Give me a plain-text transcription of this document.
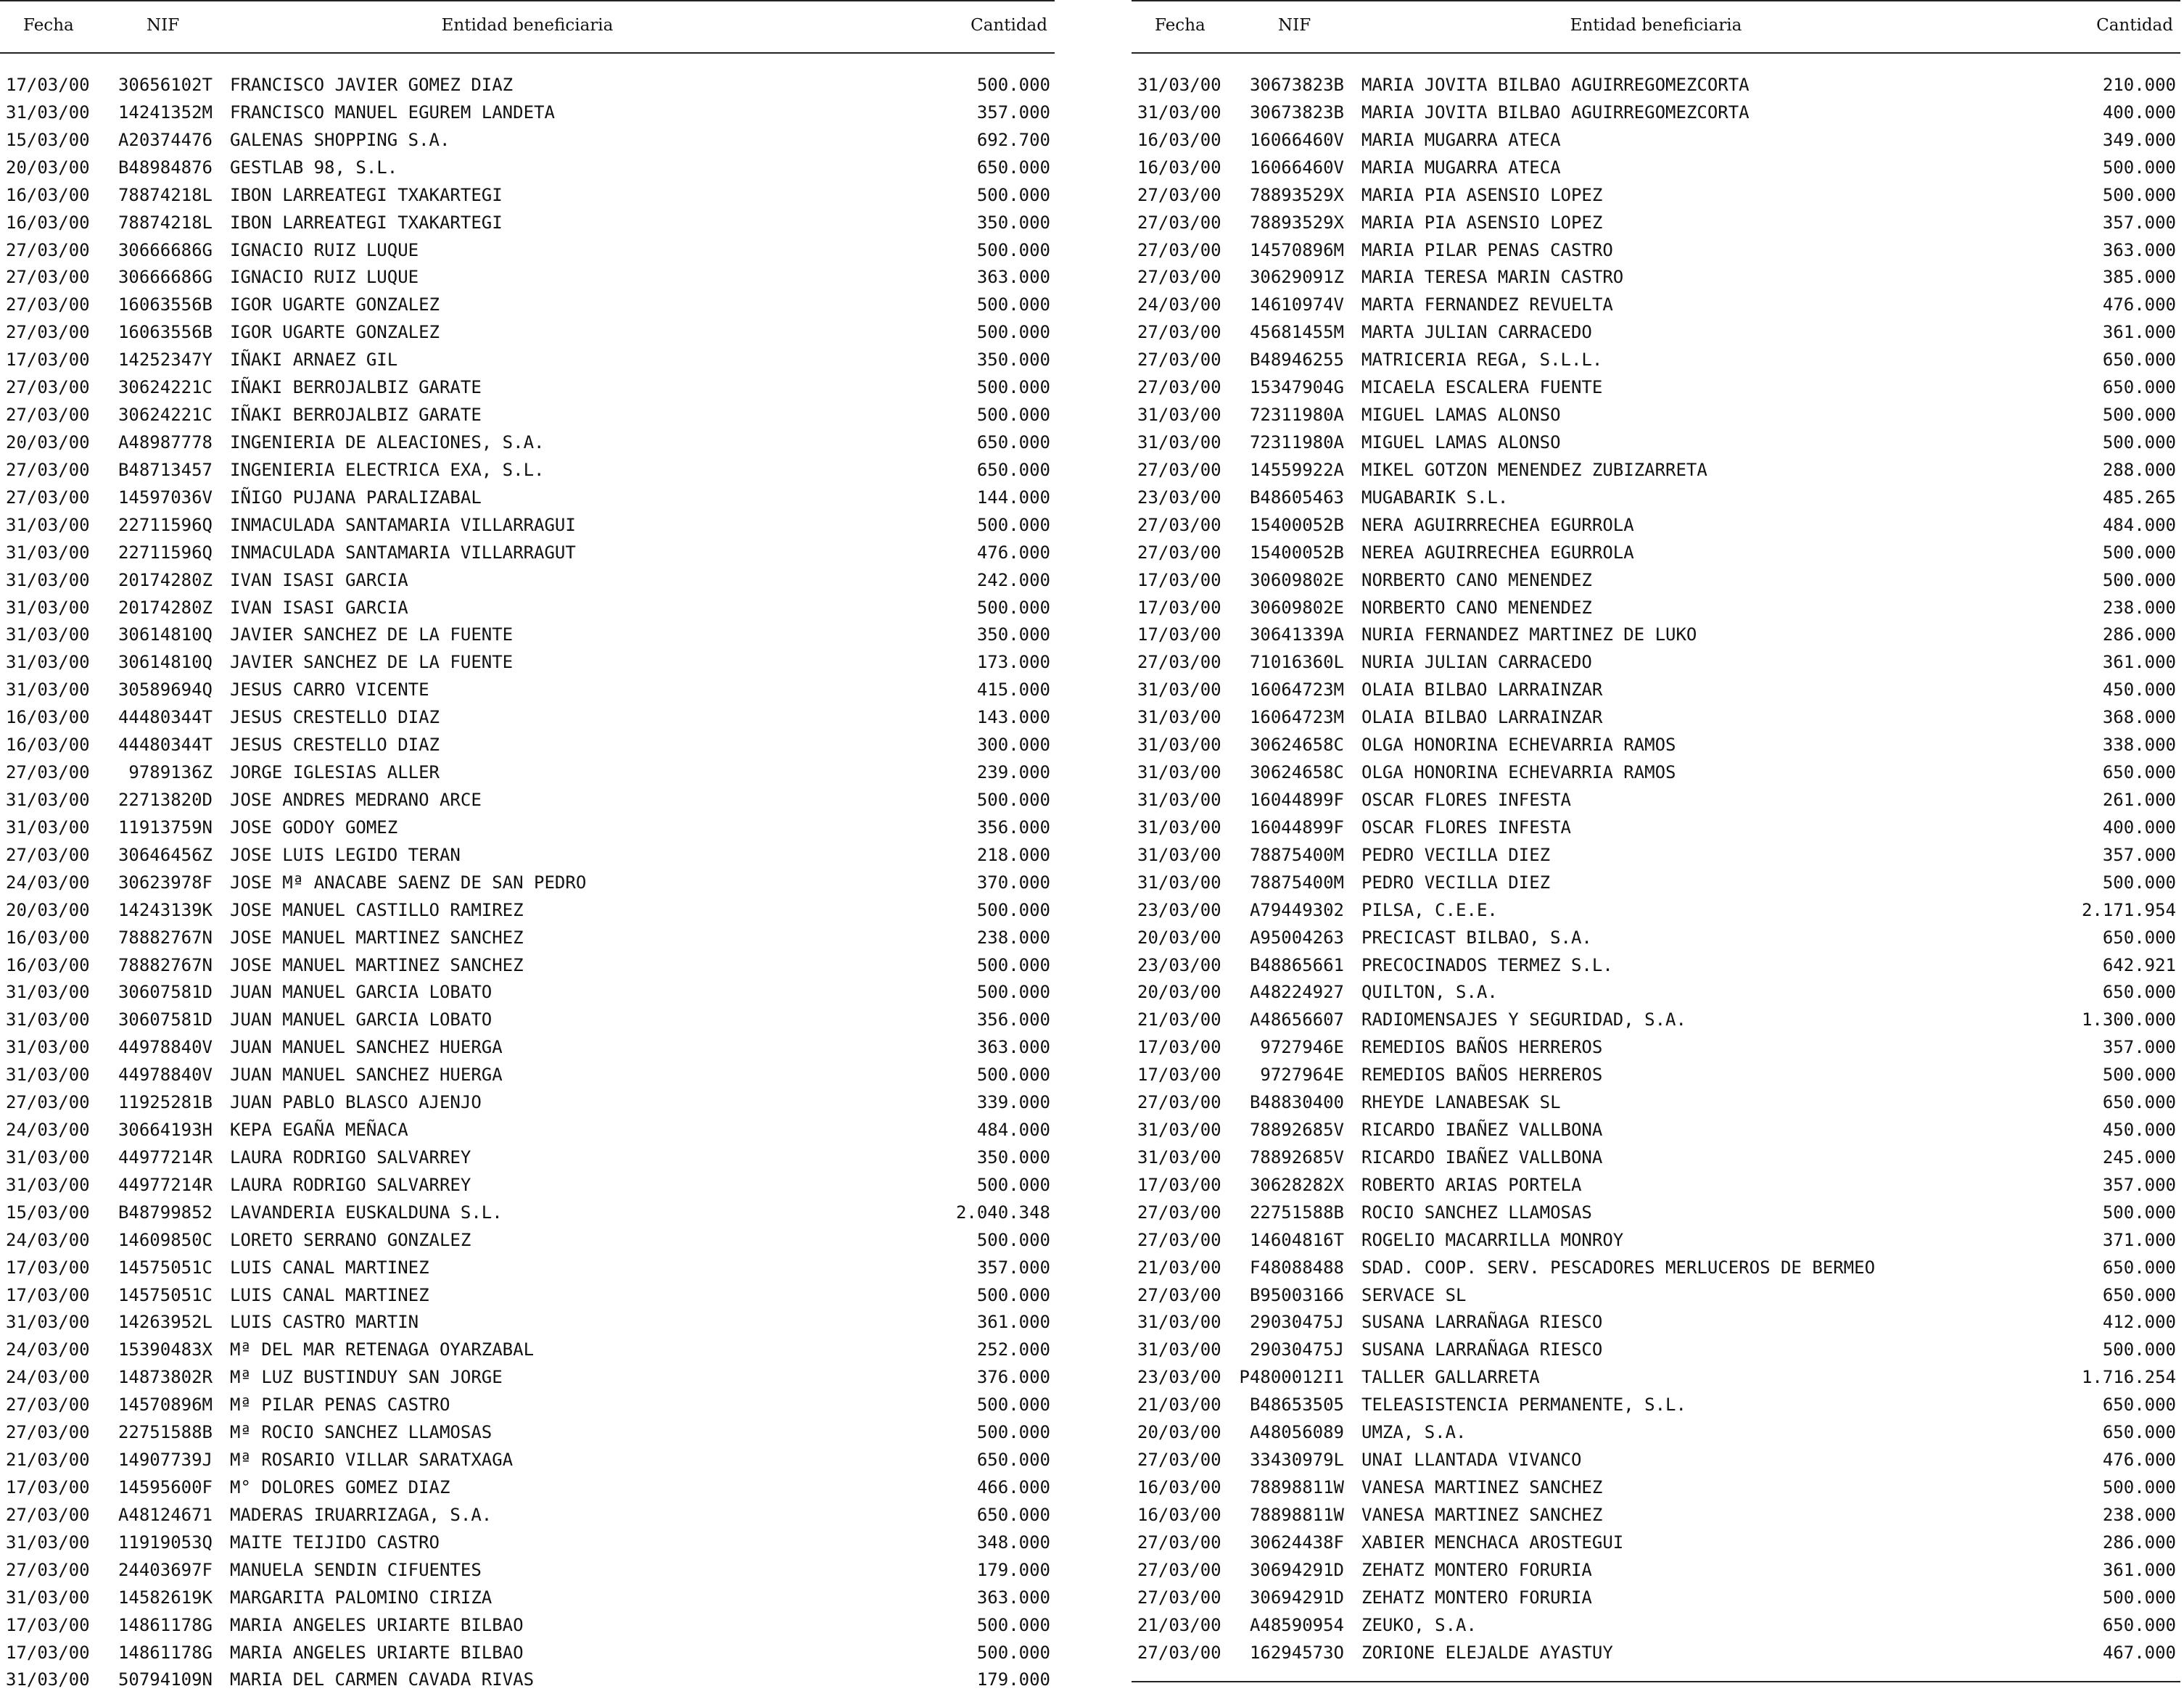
Fecha	NIF	Entidad beneficiaria	Cantidad
17/03/00	30656102T FRANCISCO JAVIER GOMEZ DIAZ	500.000
31/03/00	14241352M FRANCISCO MANUEL EGUREM LANDETA	357.000
15/03/00	A20374476 GALENAS SHOPPING S.A.	692.700
20/03/00	B48984876 GESTLAB 98, S.L.	650.000
16/03/00	78874218L IBON LARREATEGI TXAKARTEGI	500.000
16/03/00	78874218L IBON LARREATEGI TXAKARTEGI	350.000
27/03/00	30666686G IGNACIO RUIZ LUQUE	500.000
27/03/00	30666686G IGNACIO RUIZ LUQUE	363.000
27/03/00	16063556B IGOR UGARTE GONZALEZ	500.000
27/03/00	16063556B IGOR UGARTE GONZALEZ	500.000
17/03/00	14252347Y IÑAKI ARNAEZ GIL	350.000
27/03/00	30624221C IÑAKI BERROJALBIZ GARATE	500.000
27/03/00	30624221C IÑAKI BERROJALBIZ GARATE	500.000
20/03/00	A48987778 INGENIERIA DE ALEACIONES, S.A.	650.000
27/03/00	B48713457 INGENIERIA ELECTRICA EXA, S.L.	650.000
27/03/00	14597036V IÑIGO PUJANA PARALIZABAL	144.000
31/03/00	22711596Q INMACULADA SANTAMARIA VILLARRAGUI	500.000
31/03/00	22711596Q INMACULADA SANTAMARIA VILLARRAGUT	476.000
31/03/00	20174280Z IVAN ISASI GARCIA	242.000
31/03/00	20174280Z IVAN ISASI GARCIA	500.000
31/03/00	30614810Q JAVIER SANCHEZ DE LA FUENTE	350.000
31/03/00	30614810Q JAVIER SANCHEZ DE LA FUENTE	173.000
31/03/00	30589694Q JESUS CARRO VICENTE	415.000
16/03/00	44480344T JESUS CRESTELLO DIAZ	143.000
16/03/00	44480344T JESUS CRESTELLO DIAZ	300.000
27/03/00	9789136Z JORGE IGLESIAS ALLER	239.000
31/03/00	22713820D JOSE ANDRES MEDRANO ARCE	500.000
31/03/00	11913759N JOSE GODOY GOMEZ	356.000
27/03/00	30646456Z JOSE LUIS LEGIDO TERAN	218.000
24/03/00	30623978F JOSE Mª ANACABE SAENZ DE SAN PEDRO	370.000
20/03/00	14243139K JOSE MANUEL CASTILLO RAMIREZ	500.000
16/03/00	78882767N JOSE MANUEL MARTINEZ SANCHEZ	238.000
16/03/00	78882767N JOSE MANUEL MARTINEZ SANCHEZ	500.000
31/03/00	30607581D JUAN MANUEL GARCIA LOBATO	500.000
31/03/00	30607581D JUAN MANUEL GARCIA LOBATO	356.000
31/03/00	44978840V JUAN MANUEL SANCHEZ HUERGA	363.000
31/03/00	44978840V JUAN MANUEL SANCHEZ HUERGA	500.000
27/03/00	11925281B JUAN PABLO BLASCO AJENJO	339.000
24/03/00	30664193H KEPA EGAÑA MEÑACA	484.000
31/03/00	44977214R LAURA RODRIGO SALVARREY	350.000
31/03/00	44977214R LAURA RODRIGO SALVARREY	500.000
15/03/00	B48799852 LAVANDERIA EUSKALDUNA S.L.	2.040.348
24/03/00	14609850C LORETO SERRANO GONZALEZ	500.000
17/03/00	14575051C LUIS CANAL MARTINEZ	357.000
17/03/00	14575051C LUIS CANAL MARTINEZ	500.000
31/03/00	14263952L LUIS CASTRO MARTIN	361.000
24/03/00	15390483X Mª DEL MAR RETENAGA OYARZABAL	252.000
24/03/00	14873802R Mª LUZ BUSTINDUY SAN JORGE	376.000
27/03/00	14570896M Mª PILAR PENAS CASTRO	500.000
27/03/00	22751588B Mª ROCIO SANCHEZ LLAMOSAS	500.000
21/03/00	14907739J Mª ROSARIO VILLAR SARATXAGA	650.000
17/03/00	14595600F M° DOLORES GOMEZ DIAZ	466.000
27/03/00	A48124671 MADERAS IRUARRIZAGA, S.A.	650.000
31/03/00	11919053Q MAITE TEIJIDO CASTRO	348.000
27/03/00	24403697F MANUELA SENDIN CIFUENTES	179.000
31/03/00	14582619K MARGARITA PALOMINO CIRIZA	363.000
17/03/00	14861178G MARIA ANGELES URIARTE BILBAO	500.000
17/03/00	14861178G MARIA ANGELES URIARTE BILBAO	500.000
31/03/00	50794109N MARIA DEL CARMEN CAVADA RIVAS	179.000
Fecha	NIF	Entidad beneficiaria	Cantidad
31/03/00	30673823B MARIA JOVITA BILBAO AGUIRREGOMEZCORTA	210.000
31/03/00	30673823B MARIA JOVITA BILBAO AGUIRREGOMEZCORTA	400.000
16/03/00	16066460V MARIA MUGARRA ATECA	349.000
16/03/00	16066460V MARIA MUGARRA ATECA	500.000
27/03/00	78893529X MARIA PIA ASENSIO LOPEZ	500.000
27/03/00	78893529X MARIA PIA ASENSIO LOPEZ	357.000
27/03/00	14570896M MARIA PILAR PENAS CASTRO	363.000
27/03/00	30629091Z MARIA TERESA MARIN CASTRO	385.000
24/03/00	14610974V MARTA FERNANDEZ REVUELTA	476.000
27/03/00	45681455M MARTA JULIAN CARRACEDO	361.000
27/03/00	B48946255 MATRICERIA REGA, S.L.L.	650.000
27/03/00	15347904G MICAELA ESCALERA FUENTE	650.000
31/03/00	72311980A MIGUEL LAMAS ALONSO	500.000
31/03/00	72311980A MIGUEL LAMAS ALONSO	500.000
27/03/00	14559922A MIKEL GOTZON MENENDEZ ZUBIZARRETA	288.000
23/03/00	B48605463 MUGABARIK S.L.	485.265
27/03/00	15400052B NERA AGUIRRRECHEA EGURROLA	484.000
27/03/00	15400052B NEREA AGUIRRECHEA EGURROLA	500.000
17/03/00	30609802E NORBERTO CANO MENENDEZ	500.000
17/03/00	30609802E NORBERTO CANO MENENDEZ	238.000
17/03/00	30641339A NURIA FERNANDEZ MARTINEZ DE LUKO	286.000
27/03/00	71016360L NURIA JULIAN CARRACEDO	361.000
31/03/00	16064723M OLAIA BILBAO LARRAINZAR	450.000
31/03/00	16064723M OLAIA BILBAO LARRAINZAR	368.000
31/03/00	30624658C OLGA HONORINA ECHEVARRIA RAMOS	338.000
31/03/00	30624658C OLGA HONORINA ECHEVARRIA RAMOS	650.000
31/03/00	16044899F OSCAR FLORES INFESTA	261.000
31/03/00	16044899F OSCAR FLORES INFESTA	400.000
31/03/00	78875400M PEDRO VECILLA DIEZ	357.000
31/03/00	78875400M PEDRO VECILLA DIEZ	500.000
23/03/00	A79449302 PILSA, C.E.E.	2.171.954
20/03/00	A95004263 PRECICAST BILBAO, S.A.	650.000
23/03/00	B48865661 PRECOCINADOS TERMEZ S.L.	642.921
20/03/00	A48224927 QUILTON, S.A.	650.000
21/03/00	A48656607 RADIOMENSAJES Y SEGURIDAD, S.A.	1.300.000
17/03/00	9727946E REMEDIOS BAÑOS HERREROS	357.000
17/03/00	9727964E REMEDIOS BAÑOS HERREROS	500.000
27/03/00	B48830400 RHEYDE LANABESAK SL	650.000
31/03/00	78892685V RICARDO IBAÑEZ VALLBONA	450.000
31/03/00	78892685V RICARDO IBAÑEZ VALLBONA	245.000
17/03/00	30628282X ROBERTO ARIAS PORTELA	357.000
27/03/00	22751588B ROCIO SANCHEZ LLAMOSAS	500.000
27/03/00	14604816T ROGELIO MACARRILLA MONROY	371.000
21/03/00	F48088488 SDAD. COOP. SERV. PESCADORES MERLUCEROS DE BERMEO	650.000
27/03/00	B95003166 SERVACE SL	650.000
31/03/00	29030475J SUSANA LARRAÑAGA RIESCO	412.000
31/03/00	29030475J SUSANA LARRAÑAGA RIESCO	500.000
23/03/00 P4800012I1 TALLER GALLARRETA	1.716.254
21/03/00	B48653505 TELEASISTENCIA PERMANENTE, S.L.	650.000
20/03/00	A48056089 UMZA, S.A.	650.000
27/03/00	33430979L UNAI LLANTADA VIVANCO	476.000
16/03/00	78898811W VANESA MARTINEZ SANCHEZ	500.000
16/03/00	78898811W VANESA MARTINEZ SANCHEZ	238.000
27/03/00	30624438F XABIER MENCHACA AROSTEGUI	286.000
27/03/00	30694291D ZEHATZ MONTERO FORURIA	361.000
27/03/00	30694291D ZEHATZ MONTERO FORURIA	500.000
21/03/00	A48590954 ZEUKO, S.A.	650.000
27/03/00	16294573O ZORIONE ELEJALDE AYASTUY	467.000
